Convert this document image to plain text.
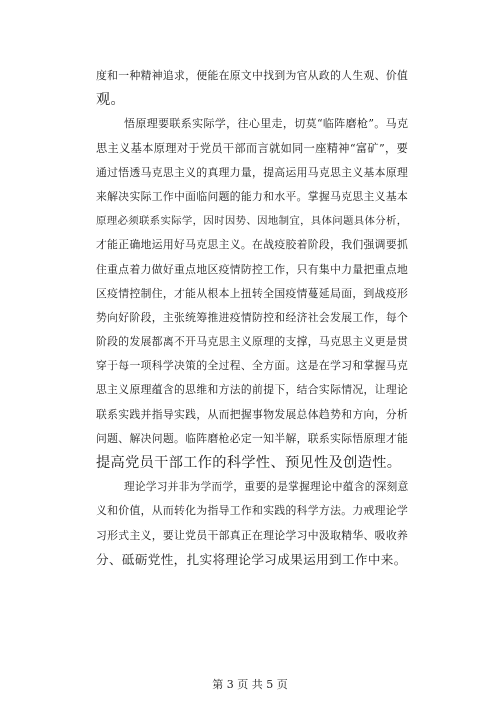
度和一种精神追求，便能在原文中找到为官从政的人生观、价值
观。
悟原理要联系实际学，往心里走，切莫“临阵磨枪”。马克
思主义基本原理对于党员干部而言就如同一座精神“富矿”，要
通过悟透马克思主义的真理力量，提高运用马克思主义基本原理
来解决实际工作中面临问题的能力和水平。掌握马克思主义基本
原理必须联系实际学，因时因势、因地制宜，具体问题具体分析，
才能正确地运用好马克思主义。在战疫胶着阶段，我们强调要抓
住重点着力做好重点地区疫情防控工作，只有集中力量把重点地
区疫情控制住，才能从根本上扭转全国疫情蔓延局面，到战疫形
势向好阶段，主张统筹推进疫情防控和经济社会发展工作，每个
阶段的发展都离不开马克思主义原理的支撑，马克思主义更是贯
穿于每一项科学决策的全过程、全方面。这是在学习和掌握马克
思主义原理蕴含的思维和方法的前提下，结合实际情况，让理论
联系实践并指导实践，从而把握事物发展总体趋势和方向，分析
问题、解决问题。临阵磨枪必定一知半解，联系实际悟原理才能
提高党员干部工作的科学性、预见性及创造性。
理论学习并非为学而学，重要的是掌握理论中蕴含的深刻意
义和价值，从而转化为指导工作和实践的科学方法。力戒理论学
习形式主义，要让党员干部真正在理论学习中汲取精华、吸收养
分、砥砺党性，扎实将理论学习成果运用到工作中来。
第 3 页 共 5 页
